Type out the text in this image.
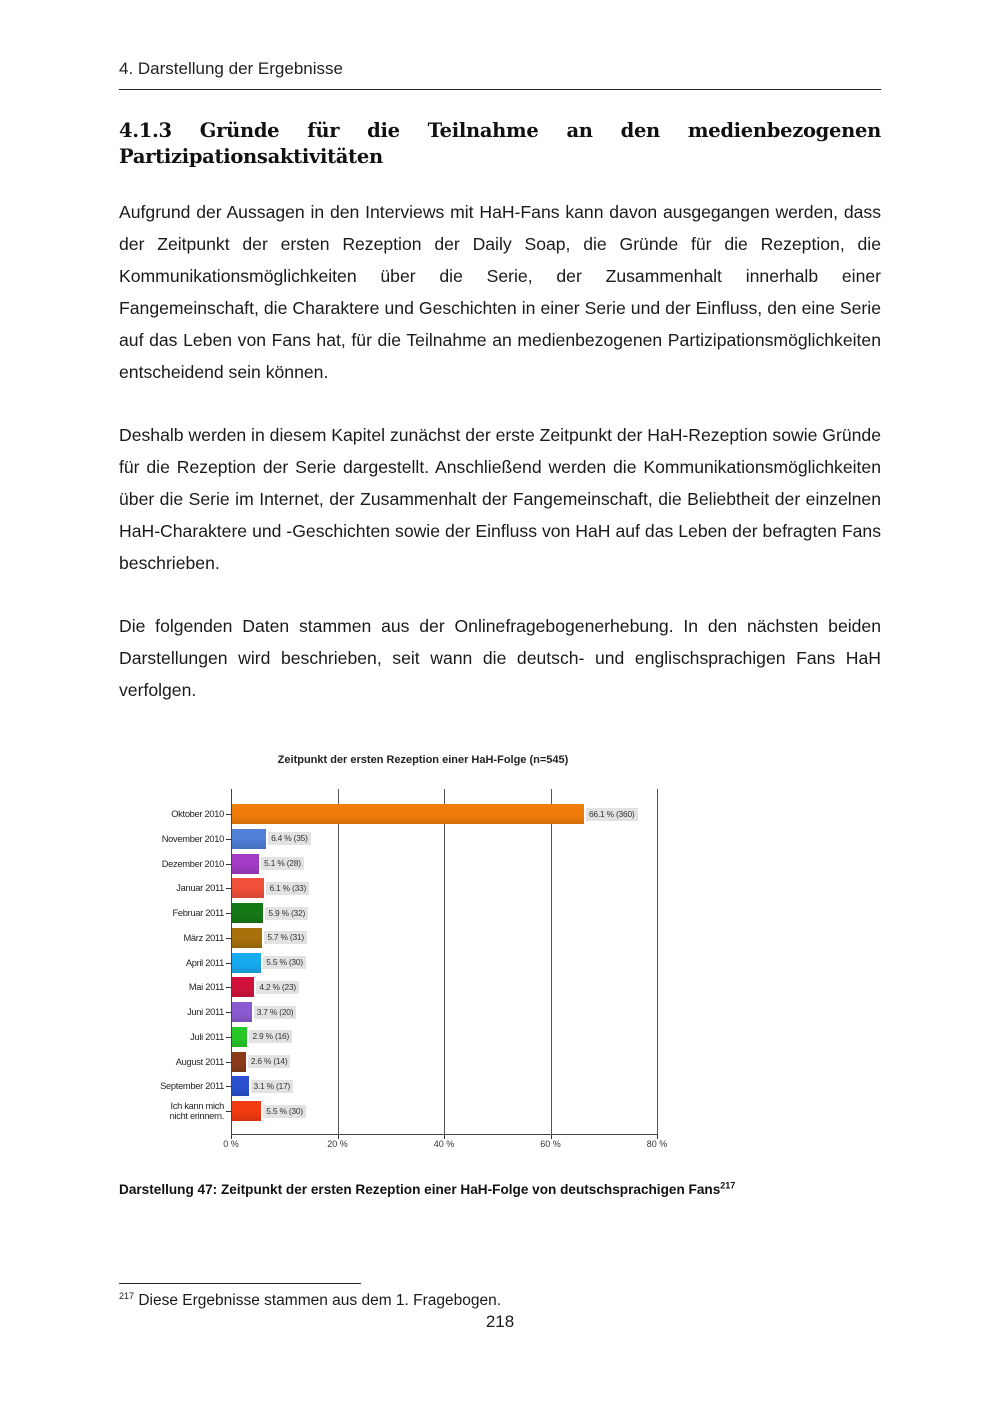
4. Darstellung der Ergebnisse
4.1.3 Gründe für die Teilnahme an den medienbezogenen
Partizipationsaktivitäten

Aufgrund der Aussagen in den Interviews mit HaH-Fans kann davon ausgegangen werden, dass der Zeitpunkt der ersten Rezeption der Daily Soap, die Gründe für die Rezeption, die Kommunikationsmöglichkeiten über die Serie, der Zusammenhalt innerhalb einer Fangemeinschaft, die Charaktere und Geschichten in einer Serie und der Einfluss, den eine Serie auf das Leben von Fans hat, für die Teilnahme an medienbezogenen Partizipationsmöglichkeiten entscheidend sein können.

Deshalb werden in diesem Kapitel zunächst der erste Zeitpunkt der HaH-Rezeption sowie Gründe für die Rezeption der Serie dargestellt. Anschließend werden die Kommunikationsmöglichkeiten über die Serie im Internet, der Zusammenhalt der Fangemeinschaft, die Beliebtheit der einzelnen HaH-Charaktere und -Geschichten sowie der Einfluss von HaH auf das Leben der befragten Fans beschrieben.

Die folgenden Daten stammen aus der Onlinefragebogenerhebung. In den nächsten beiden Darstellungen wird beschrieben, seit wann die deutsch- und englischsprachigen Fans HaH verfolgen.

Zeitpunkt der ersten Rezeption einer HaH-Folge (n=545)
0 %	20 %	40 %	60 %	80 %
Oktober 2010	66.1 % (360)
November 2010	6.4 % (35)
Dezember 2010	5.1 % (28)
Januar 2011	6.1 % (33)
Februar 2011	5.9 % (32)
März 2011	5.7 % (31)
April 2011	5.5 % (30)
Mai 2011	4.2 % (23)
Juni 2011	3.7 % (20)
Juli 2011	2.9 % (16)
August 2011	2.6 % (14)
September 2011	3.1 % (17)
Ich kann mich
nicht erinnern.
5.5 % (30)
Darstellung 47: Zeitpunkt der ersten Rezeption einer HaH-Folge von deutschsprachigen Fans$^{217}$
$^{217}$ Diese Ergebnisse stammen aus dem 1. Fragebogen.
218
